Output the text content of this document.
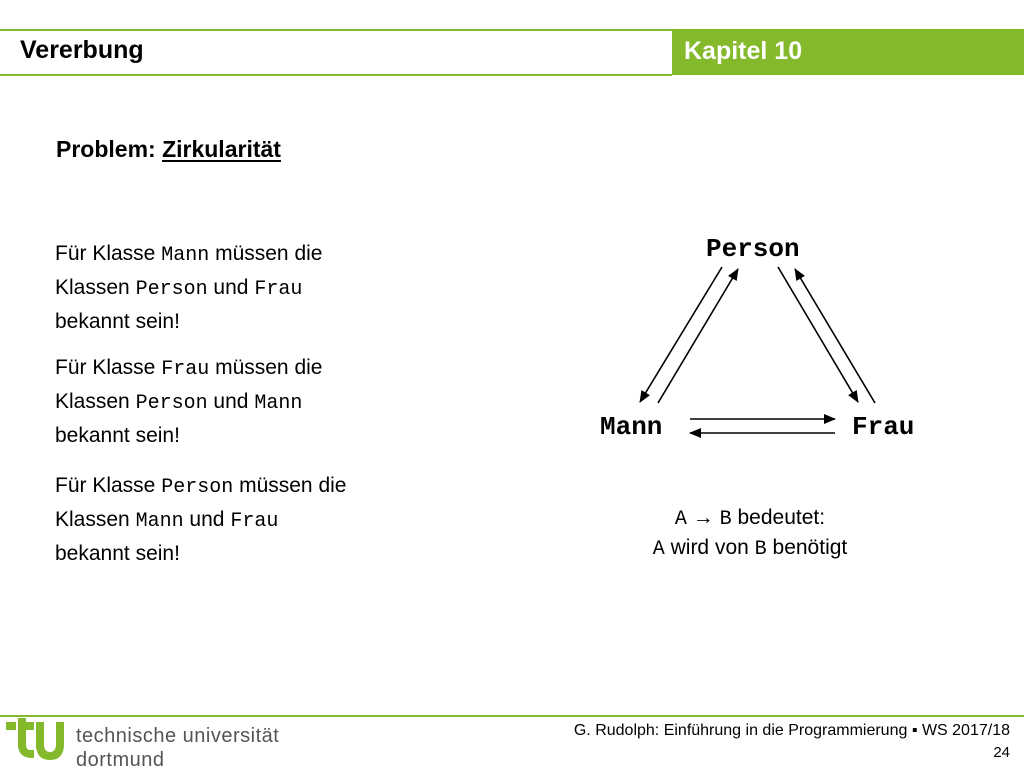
Vererbung	Kapitel 10
Problem: Zirkularität
Für Klasse Mann müssen die
Klassen Person und Frau
bekannt sein!
Für Klasse Frau müssen die
Klassen Person und Mann
bekannt sein!
Für Klasse Person müssen die
Klassen Mann und Frau
bekannt sein!
Person
Mann	Frau
A → B bedeutet:
A wird von B benötigt
technische universität
dortmund
G. Rudolph: Einführung in die Programmierung ▪ WS 2017/18
24
